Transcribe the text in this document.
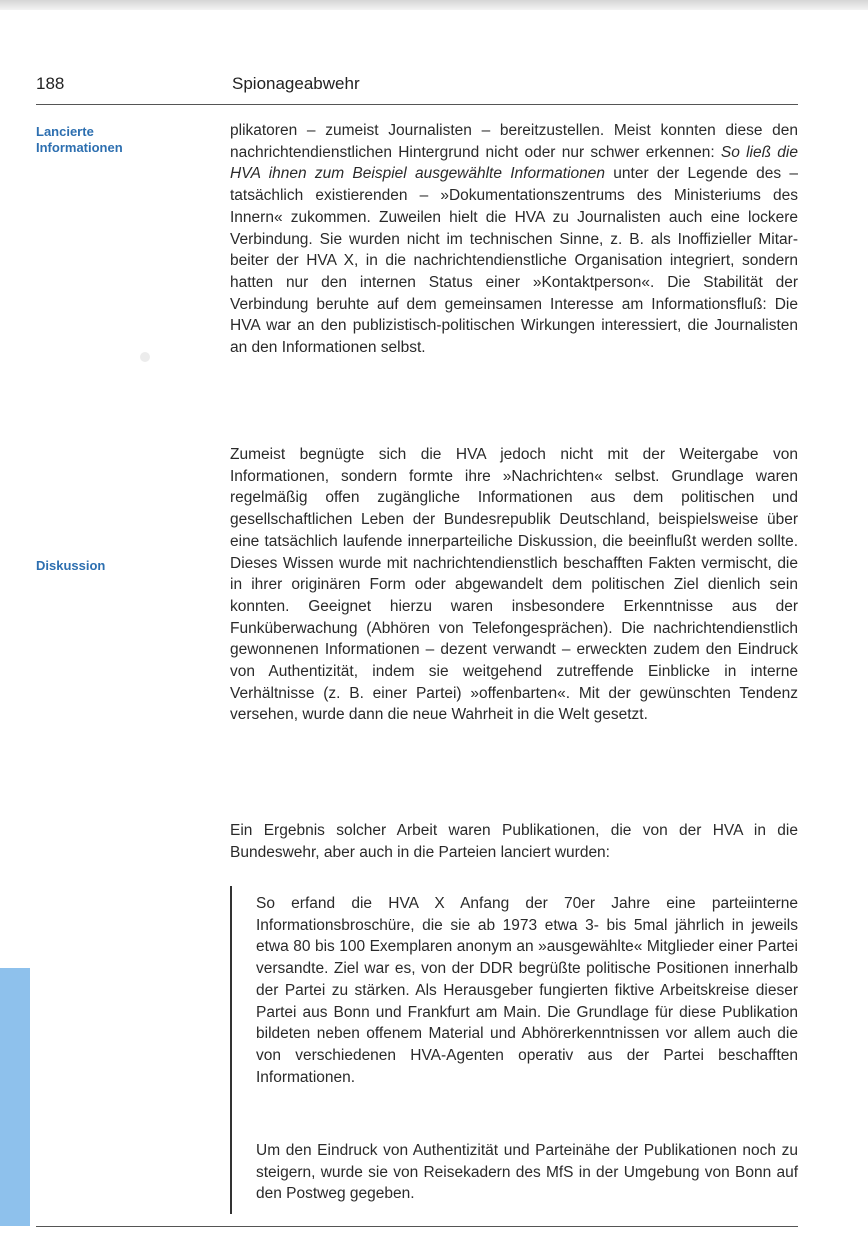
188	Spionageabwehr
Lancierte
Informationen
Diskussion

plikatoren – zumeist Journalisten – bereitzustellen. Meist konnten diese den nachrichtendienstlichen Hintergrund nicht oder nur schwer erkennen: So ließ die HVA ihnen zum Beispiel ausgewählte Informationen unter der Legende des – tatsächlich existierenden – »Dokumentationszentrums des Ministeriums des Innern« zukommen. Zuweilen hielt die HVA zu Journalisten auch eine lockere Verbindung. Sie wurden nicht im technischen Sinne, z. B. als Inoffizieller Mitarbeiter der HVA X, in die nachrichtendienstliche Organisation integriert, sondern hatten nur den internen Status einer »Kontaktperson«. Die Stabilität der Verbindung beruhte auf dem gemeinsamen Interesse am Informationsfluß: Die HVA war an den publizistisch-politischen Wirkungen interessiert, die Journalisten an den Informationen selbst.

Zumeist begnügte sich die HVA jedoch nicht mit der Weitergabe von Informationen, sondern formte ihre »Nachrichten« selbst. Grundlage waren regelmäßig offen zugängliche Informationen aus dem politischen und gesellschaftlichen Leben der Bundesrepublik Deutschland, beispielsweise über eine tatsächlich laufende innerparteiliche Diskussion, die beeinflußt werden sollte. Dieses Wissen wurde mit nachrichtendienstlich beschafften Fakten vermischt, die in ihrer originären Form oder abgewandelt dem politischen Ziel dienlich sein konnten. Geeignet hierzu waren insbesondere Erkenntnisse aus der Funküberwachung (Abhören von Telefongesprächen). Die nachrichtendienstlich gewonnenen Informationen – dezent verwandt – erweckten zudem den Eindruck von Authentizität, indem sie weitgehend zutreffende Einblicke in interne Verhältnisse (z. B. einer Partei) »offenbarten«. Mit der gewünschten Tendenz versehen, wurde dann die neue Wahrheit in die Welt gesetzt.

Ein Ergebnis solcher Arbeit waren Publikationen, die von der HVA in die Bundeswehr, aber auch in die Parteien lanciert wurden:

So erfand die HVA X Anfang der 70er Jahre eine parteiinterne Informationsbroschüre, die sie ab 1973 etwa 3- bis 5mal jährlich in jeweils etwa 80 bis 100 Exemplaren anonym an »ausgewählte« Mitglieder einer Partei versandte. Ziel war es, von der DDR begrüßte politische Positionen innerhalb der Partei zu stärken. Als Herausgeber fungierten fiktive Arbeitskreise dieser Partei aus Bonn und Frankfurt am Main. Die Grundlage für diese Publikation bildeten neben offenem Material und Abhörerkenntnissen vor allem auch die von verschiedenen HVA-Agenten operativ aus der Partei beschafften Informationen.

Um den Eindruck von Authentizität und Parteinähe der Publikationen noch zu steigern, wurde sie von Reisekadern des MfS in der Umgebung von Bonn auf den Postweg gegeben.
